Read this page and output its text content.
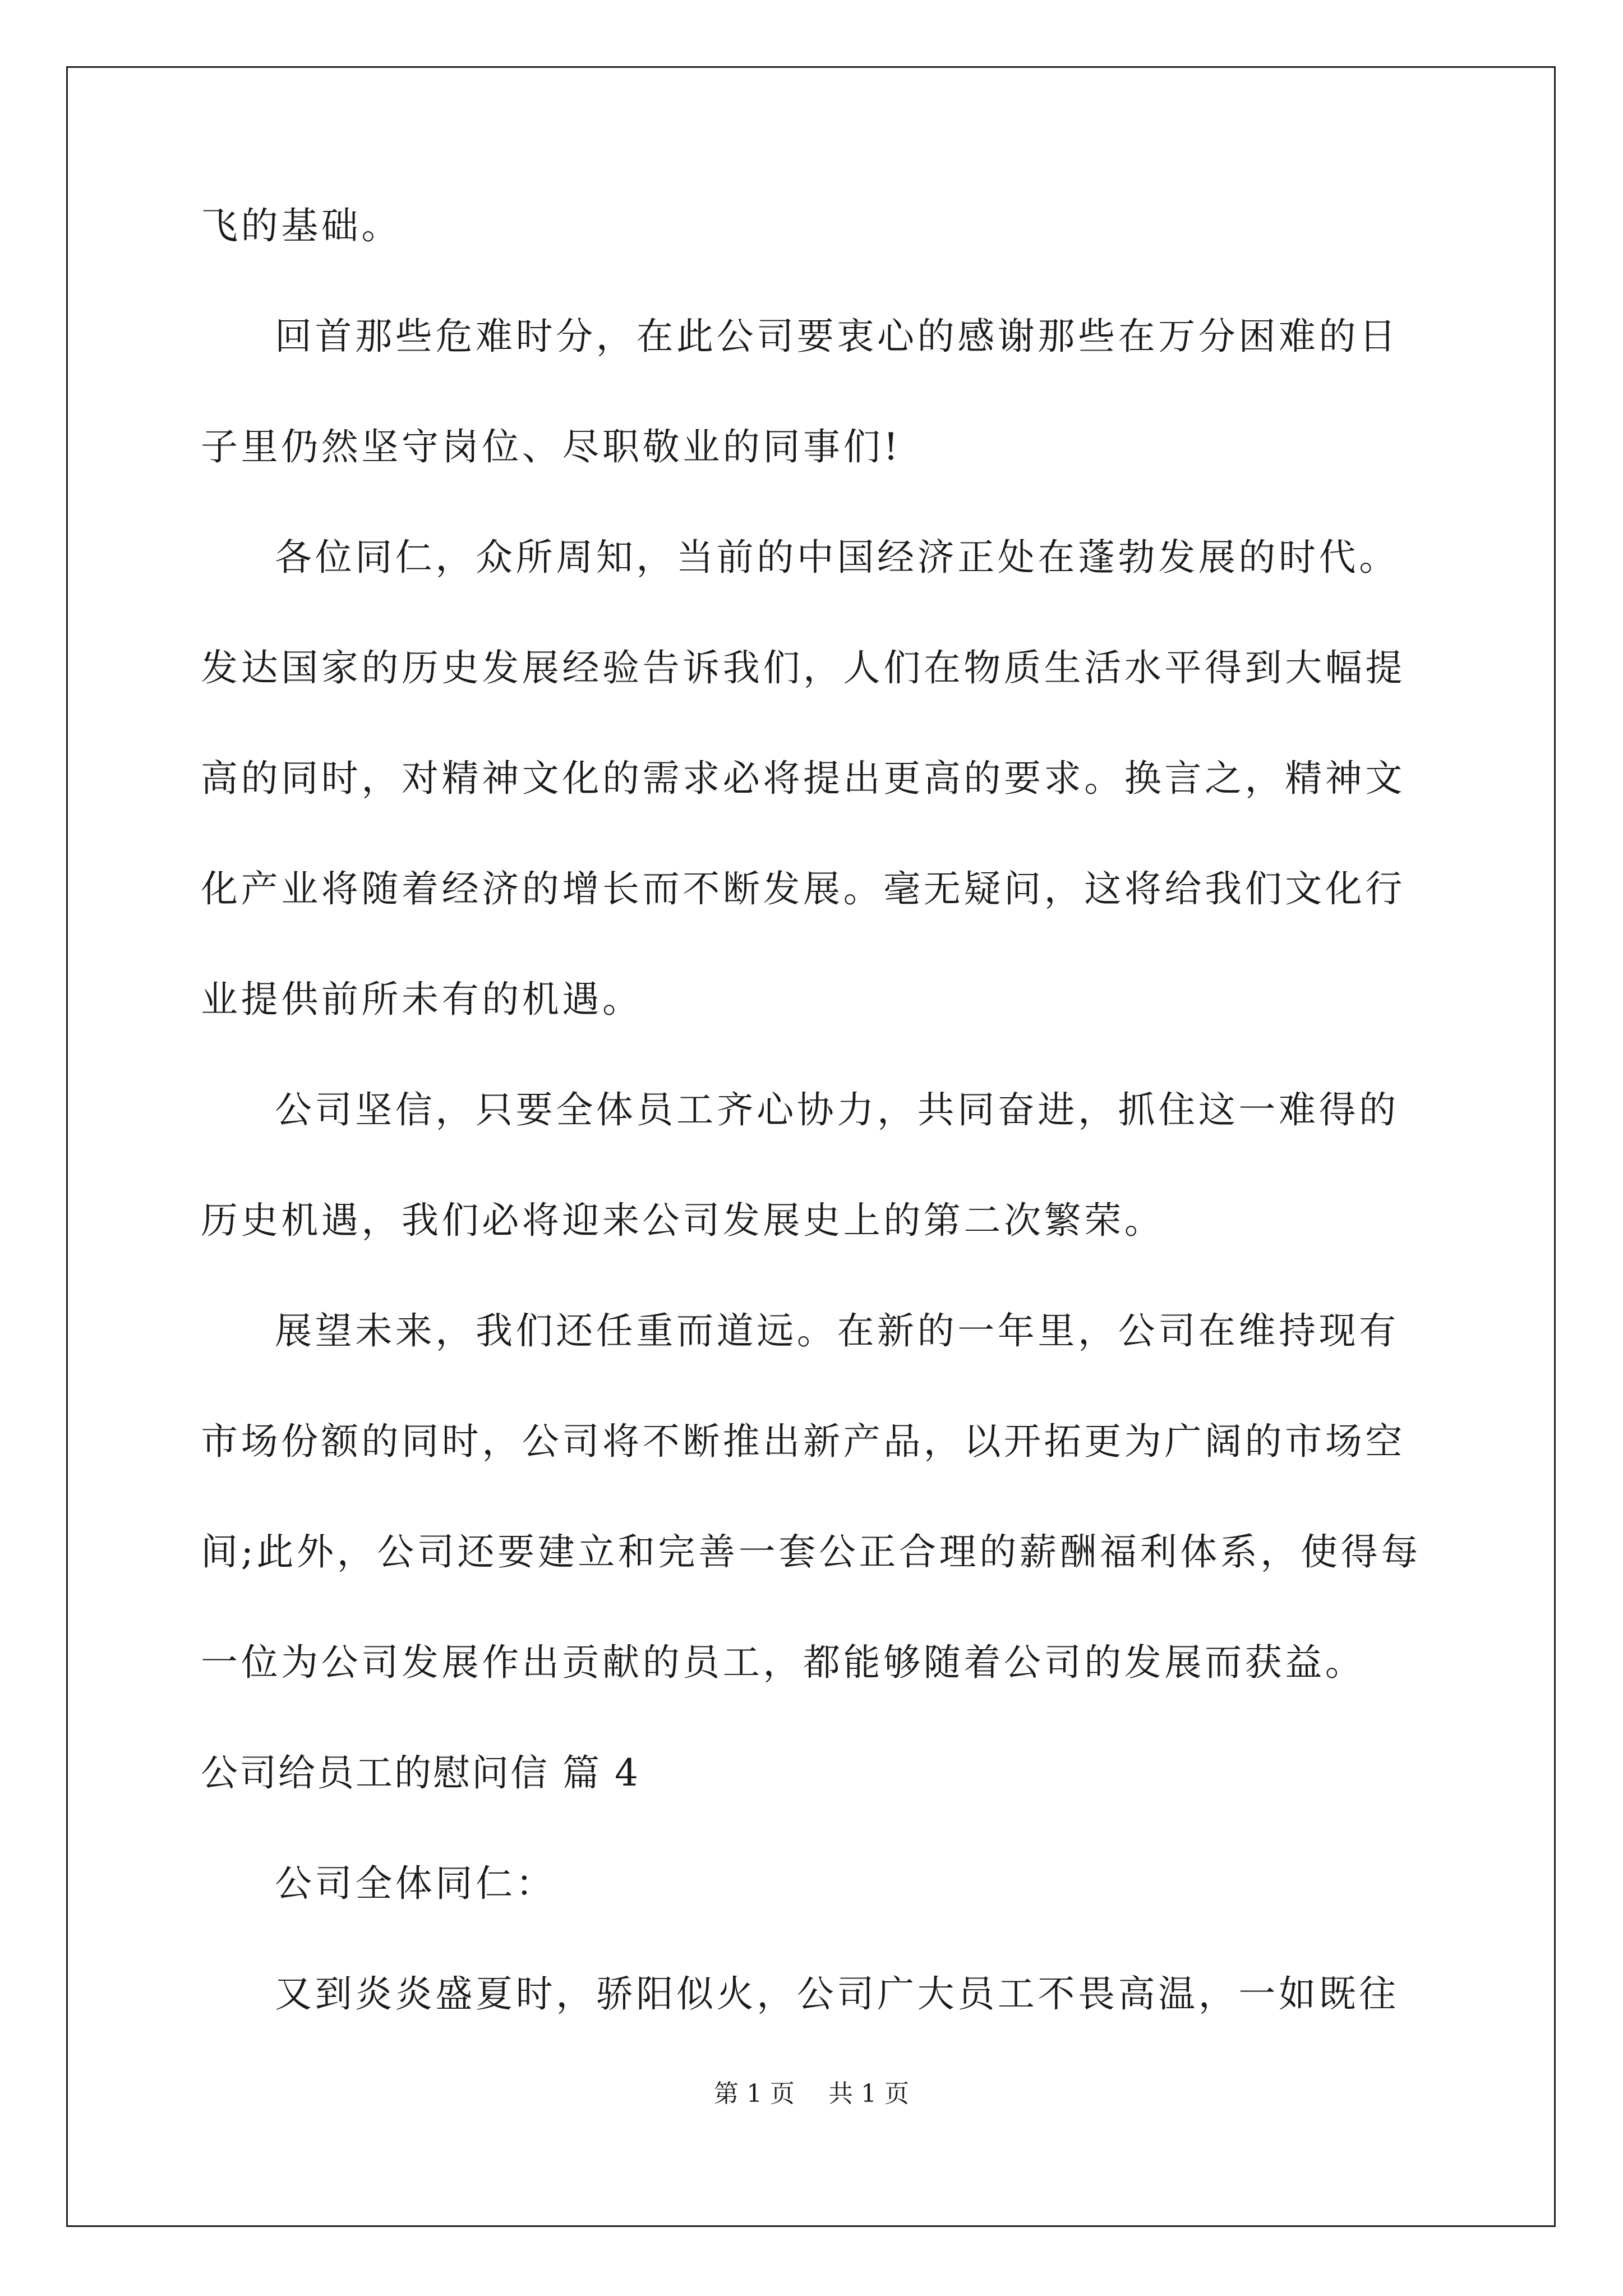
飞的基础。
回首那些危难时分，在此公司要衷心的感谢那些在万分困难的日
子里仍然坚守岗位、尽职敬业的同事们!
各位同仁，众所周知，当前的中国经济正处在蓬勃发展的时代。
发达国家的历史发展经验告诉我们，人们在物质生活水平得到大幅提
高的同时，对精神文化的需求必将提出更高的要求。换言之，精神文
化产业将随着经济的增长而不断发展。毫无疑问，这将给我们文化行
业提供前所未有的机遇。
公司坚信，只要全体员工齐心协力，共同奋进，抓住这一难得的
历史机遇，我们必将迎来公司发展史上的第二次繁荣。
展望未来，我们还任重而道远。在新的一年里，公司在维持现有
市场份额的同时，公司将不断推出新产品，以开拓更为广阔的市场空
间;此外，公司还要建立和完善一套公正合理的薪酬福利体系，使得每
一位为公司发展作出贡献的员工，都能够随着公司的发展而获益。
公司给员工的慰问信 篇 4
公司全体同仁：
又到炎炎盛夏时，骄阳似火，公司广大员工不畏高温，一如既往
第 1 页 共 1 页
